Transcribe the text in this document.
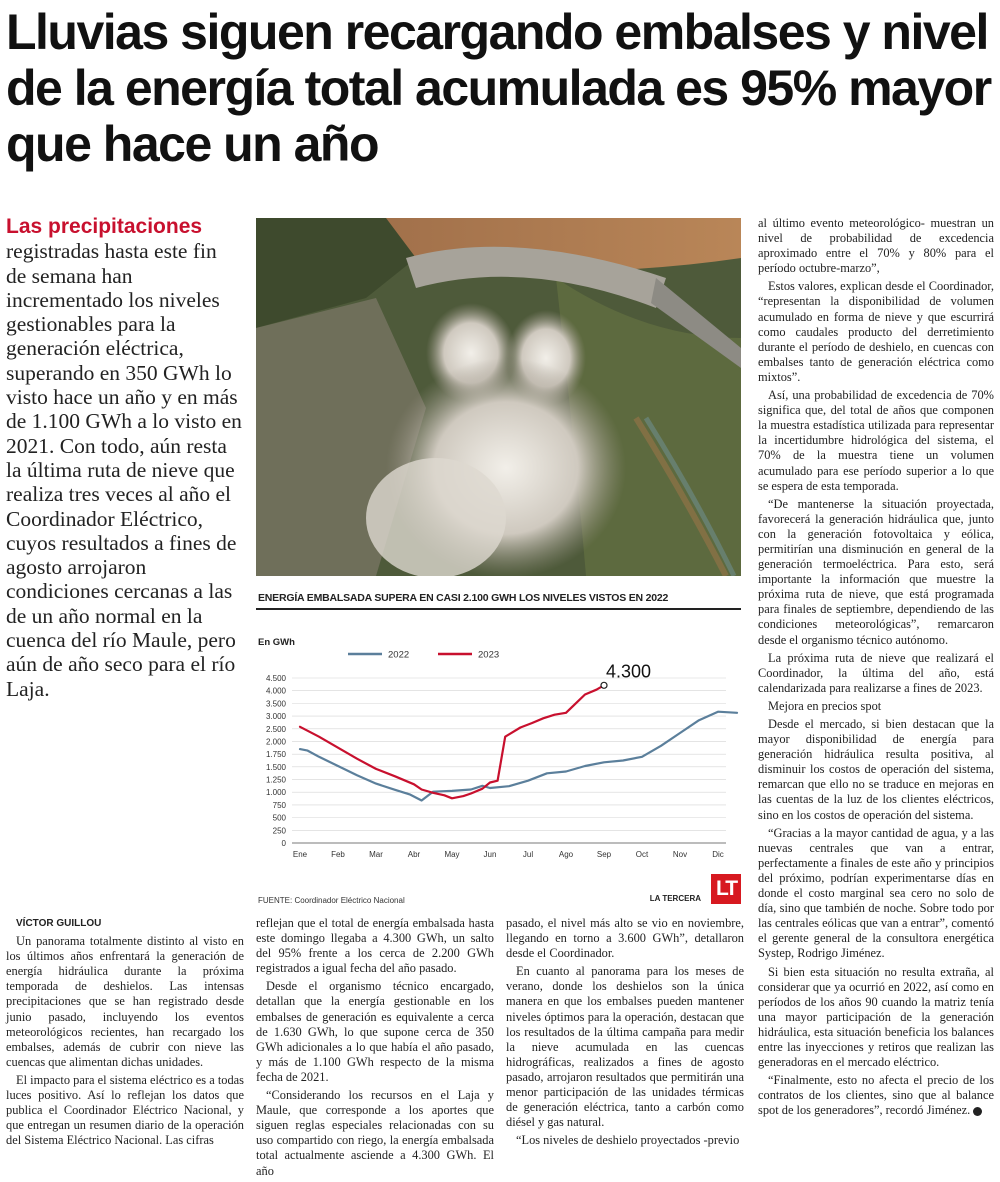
Lluvias siguen recargando embalses y nivel de la energía total acumulada es 95% mayor que hace un año
Las precipitaciones registradas hasta este fin de semana han incrementado los niveles gestionables para la generación eléctrica, superando en 350 GWh lo visto hace un año y en más de 1.100 GWh a lo visto en 2021. Con todo, aún resta la última ruta de nieve que realiza tres veces al año el Coordinador Eléctrico, cuyos resultados a fines de agosto arrojaron condiciones cercanas a las de un año normal en la cuenca del río Maule, pero aún de año seco para el río Laja.
ENERGÍA EMBALSADA SUPERA EN CASI 2.100 GWH LOS NIVELES VISTOS EN 2022
En GWh
2022	2023
0
250
500
750
1.000
1.250
1.500
1.750
2.000
2.500
3.000
3.500
4.000
4.500
Ene	Feb	Mar	Abr	May	Jun	Jul	Ago	Sep	Oct	Nov	Dic
4.300
FUENTE: Coordinador Eléctrico Nacional	LA TERCERA LT

VÍCTOR GUILLOU

Un panorama totalmente distinto al visto en los últimos años enfrentará la generación de energía hidráulica durante la próxima temporada de deshielos. Las intensas precipitaciones que se han registrado desde junio pasado, incluyendo los eventos meteorológicos recientes, han recargado los embalses, además de cubrir con nieve las cuencas que alimentan dichas unidades.

El impacto para el sistema eléctrico es a todas luces positivo. Así lo reflejan los datos que publica el Coordinador Eléctrico Nacional, y que entregan un resumen diario de la operación del Sistema Eléctrico Nacional. Las cifras

reflejan que el total de energía embalsada hasta este domingo llegaba a 4.300 GWh, un salto del 95% frente a los cerca de 2.200 GWh registrados a igual fecha del año pasado.

Desde el organismo técnico encargado, detallan que la energía gestionable en los embalses de generación es equivalente a cerca de 1.630 GWh, lo que supone cerca de 350 GWh adicionales a lo que había el año pasado, y más de 1.100 GWh respecto de la misma fecha de 2021.

“Considerando los recursos en el Laja y Maule, que corresponde a los aportes que siguen reglas especiales relacionadas con su uso compartido con riego, la energía embalsada total actualmente asciende a 4.300 GWh. El año

pasado, el nivel más alto se vio en noviembre, llegando en torno a 3.600 GWh”, detallaron desde el Coordinador.

En cuanto al panorama para los meses de verano, donde los deshielos son la única manera en que los embalses pueden mantener niveles óptimos para la operación, destacan que los resultados de la última campaña para medir la nieve acumulada en las cuencas hidrográficas, realizados a fines de agosto pasado, arrojaron resultados que permitirán una menor participación de las unidades térmicas de generación eléctrica, tanto a carbón como diésel y gas natural.

“Los niveles de deshielo proyectados -previo

al último evento meteorológico- muestran un nivel de probabilidad de excedencia aproximado entre el 70% y 80% para el período octubre-marzo”,

Estos valores, explican desde el Coordinador, “representan la disponibilidad de volumen acumulado en forma de nieve y que escurrirá como caudales producto del derretimiento durante el período de deshielo, en cuencas con embalses tanto de generación eléctrica como mixtos”.

Así, una probabilidad de excedencia de 70% significa que, del total de años que componen la muestra estadística utilizada para representar la incertidumbre hidrológica del sistema, el 70% de la muestra tiene un volumen acumulado para ese período superior a lo que se espera de esta temporada.

“De mantenerse la situación proyectada, favorecerá la generación hidráulica que, junto con la generación fotovoltaica y eólica, permitirían una disminución en general de la generación termoeléctrica. Para esto, será importante la información que muestre la próxima ruta de nieve, que está programada para finales de septiembre, dependiendo de las condiciones meteorológicas”, remarcaron desde el organismo técnico autónomo.

La próxima ruta de nieve que realizará el Coordinador, la última del año, está calendarizada para realizarse a fines de 2023.

Mejora en precios spot

Desde el mercado, si bien destacan que la mayor disponibilidad de energía para generación hidráulica resulta positiva, al disminuir los costos de operación del sistema, remarcan que ello no se traduce en mejoras en las cuentas de la luz de los clientes eléctricos, sino en los costos de operación del sistema.

“Gracias a la mayor cantidad de agua, y a las nuevas centrales que van a entrar, perfectamente a finales de este año y principios del próximo, podrían experimentarse días en donde el costo marginal sea cero no solo de día, sino que también de noche. Sobre todo por las centrales eólicas que van a entrar”, comentó el gerente general de la consultora energética Systep, Rodrigo Jiménez.

Si bien esta situación no resulta extraña, al considerar que ya ocurrió en 2022, así como en períodos de los años 90 cuando la matriz tenía una mayor participación de la generación hidráulica, esta situación beneficia los balances entre las inyecciones y retiros que realizan las generadoras en el mercado eléctrico.

“Finalmente, esto no afecta el precio de los contratos de los clientes, sino que al balance spot de los generadores”, recordó Jiménez. P
